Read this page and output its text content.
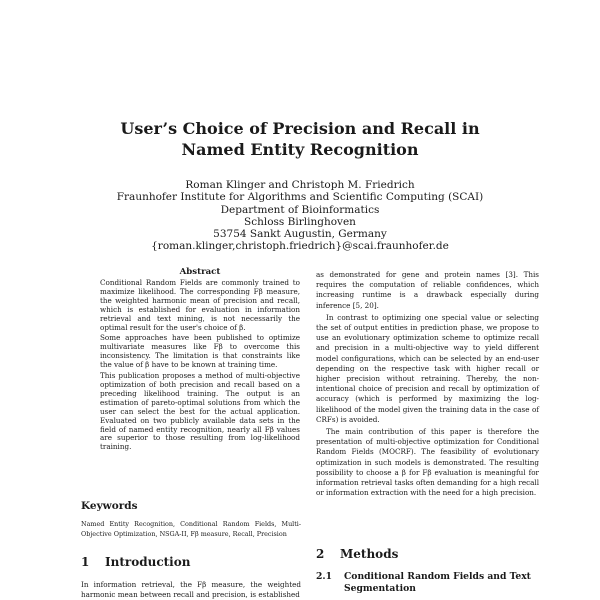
User’s Choice of Precision and Recall in
Named Entity Recognition
Roman Klinger and Christoph M. Friedrich
Fraunhofer Institute for Algorithms and Scientific Computing (SCAI)
Department of Bioinformatics
Schloss Birlinghoven
53754 Sankt Augustin, Germany
{roman.klinger,christoph.friedrich}@scai.fraunhofer.de
Abstract

Conditional Random Fields are commonly trained to maximize likelihood. The corresponding Fβ measure, the weighted harmonic mean of precision and recall, which is established for evaluation in information retrieval and text mining, is not necessarily the optimal result for the user's choice of β.

Some approaches have been published to optimize multivariate measures like Fβ to overcome this inconsistency. The limitation is that constraints like the value of β have to be known at training time.

This publication proposes a method of multi-objective optimization of both precision and recall based on a preceding likelihood training. The output is an estimation of pareto-optimal solutions from which the user can select the best for the actual application. Evaluated on two publicly available data sets in the field of named entity recognition, nearly all Fβ values are superior to those resulting from log-likelihood training.

Keywords

Named Entity Recognition, Conditional Random Fields, Multi-Objective Optimization, NSGA-II, Fβ measure, Recall, Precision

1 Introduction

In information retrieval, the Fβ measure, the weighted harmonic mean between recall and precision, is established

as demonstrated for gene and protein names [3]. This requires the computation of reliable confidences, which increasing runtime is a drawback especially during inference [5, 20].

In contrast to optimizing one special value or selecting the set of output entities in prediction phase, we propose to use an evolutionary optimization scheme to optimize recall and precision in a multi-objective way to yield different model configurations, which can be selected by an end-user depending on the respective task with higher recall or higher precision without retraining. Thereby, the non-intentional choice of precision and recall by optimization of accuracy (which is performed by maximizing the log-likelihood of the model given the training data in the case of CRFs) is avoided.

The main contribution of this paper is therefore the presentation of multi-objective optimization for Conditional Random Fields (MOCRF). The feasibility of evolutionary optimization in such models is demonstrated. The resulting possibility to choose a β for Fβ evaluation is meaningful for information retrieval tasks often demanding for a high recall or information extraction with the need for a high precision.

2 Methods
2.1	Conditional Random Fields and Text Segmentation
